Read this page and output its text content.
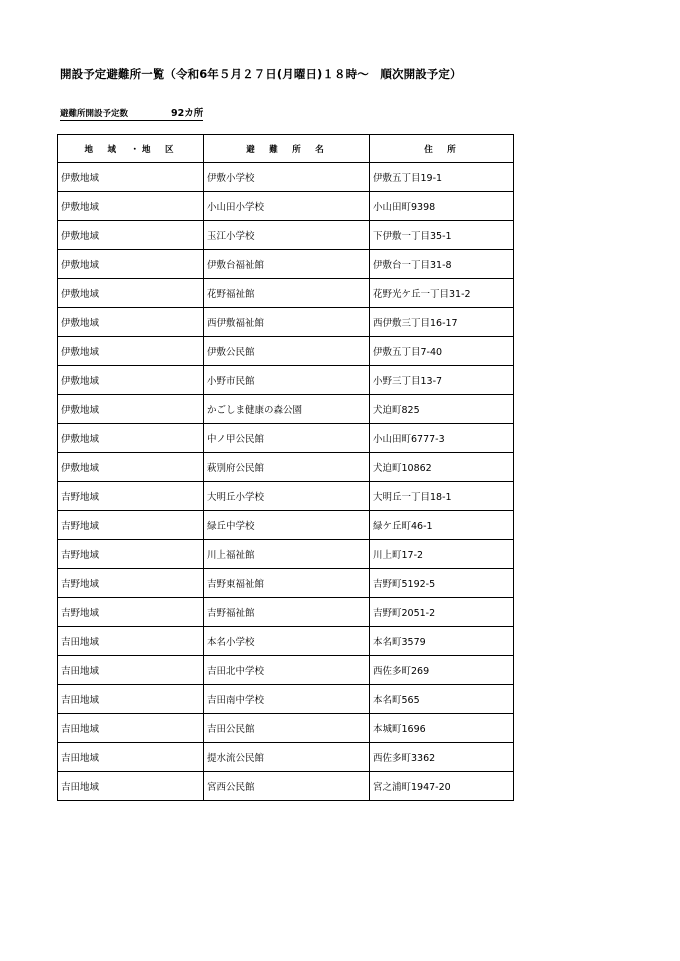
開設予定避難所一覧（令和6年５月２７日(月曜日)１８時～　順次開設予定）
避難所開設予定数	92カ所
地　域　・地　区	避　難　所　名	住　所
伊敷地域	伊敷小学校	伊敷五丁目19-1
伊敷地域	小山田小学校	小山田町9398
伊敷地域	玉江小学校	下伊敷一丁目35-1
伊敷地域	伊敷台福祉館	伊敷台一丁目31-8
伊敷地域	花野福祉館	花野光ケ丘一丁目31-2
伊敷地域	西伊敷福祉館	西伊敷三丁目16-17
伊敷地域	伊敷公民館	伊敷五丁目7-40
伊敷地域	小野市民館	小野三丁目13-7
伊敷地域	かごしま健康の森公園	犬迫町825
伊敷地域	中ノ甲公民館	小山田町6777-3
伊敷地域	萩別府公民館	犬迫町10862
吉野地域	大明丘小学校	大明丘一丁目18-1
吉野地域	緑丘中学校	緑ケ丘町46-1
吉野地域	川上福祉館	川上町17-2
吉野地域	吉野東福祉館	吉野町5192-5
吉野地域	吉野福祉館	吉野町2051-2
吉田地域	本名小学校	本名町3579
吉田地域	吉田北中学校	西佐多町269
吉田地域	吉田南中学校	本名町565
吉田地域	吉田公民館	本城町1696
吉田地域	提水流公民館	西佐多町3362
吉田地域	宮西公民館	宮之浦町1947-20
